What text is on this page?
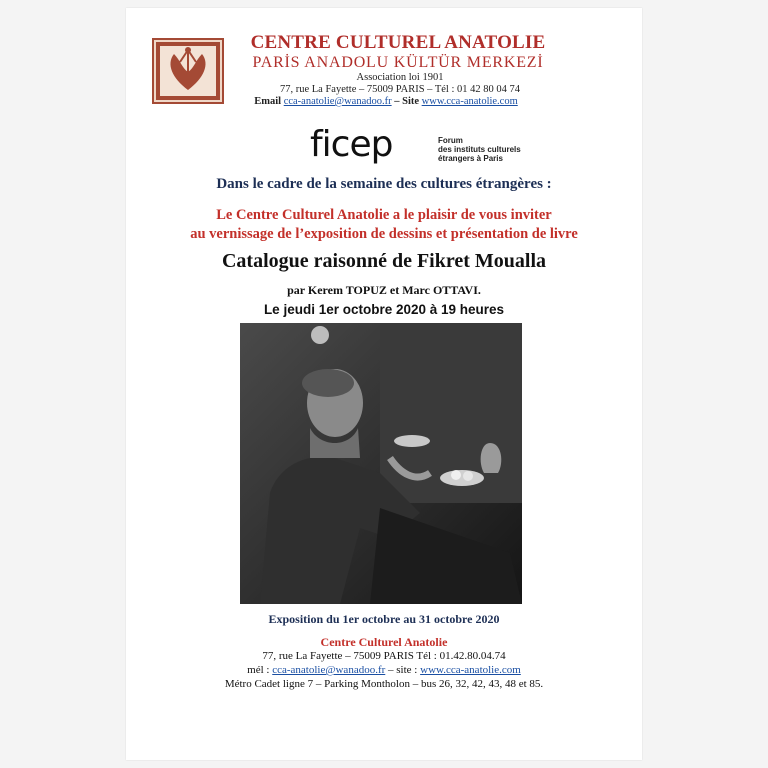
CENTRE CULTUREL ANATOLIE
PARİS ANADOLU KÜLTÜR MERKEZİ
Association loi 1901
77, rue La Fayette – 75009 PARIS – Tél : 01 42 80 04 74
Email cca-anatolie@wanadoo.fr – Site www.cca-anatolie.com
ficep	Forum
des instituts culturels
étrangers à Paris
Dans le cadre de la semaine des cultures étrangères :
Le Centre Culturel Anatolie a le plaisir de vous inviter
au vernissage de l’exposition de dessins et présentation de livre
Catalogue raisonné de Fikret Moualla
par Kerem TOPUZ et Marc OTTAVI.
Le jeudi 1er octobre 2020 à 19 heures
Exposition du 1er octobre au 31 octobre 2020
Centre Culturel Anatolie
77, rue La Fayette – 75009 PARIS Tél : 01.42.80.04.74
mél : cca-anatolie@wanadoo.fr – site : www.cca-anatolie.com
Métro Cadet ligne 7 – Parking Montholon – bus 26, 32, 42, 43, 48 et 85.
